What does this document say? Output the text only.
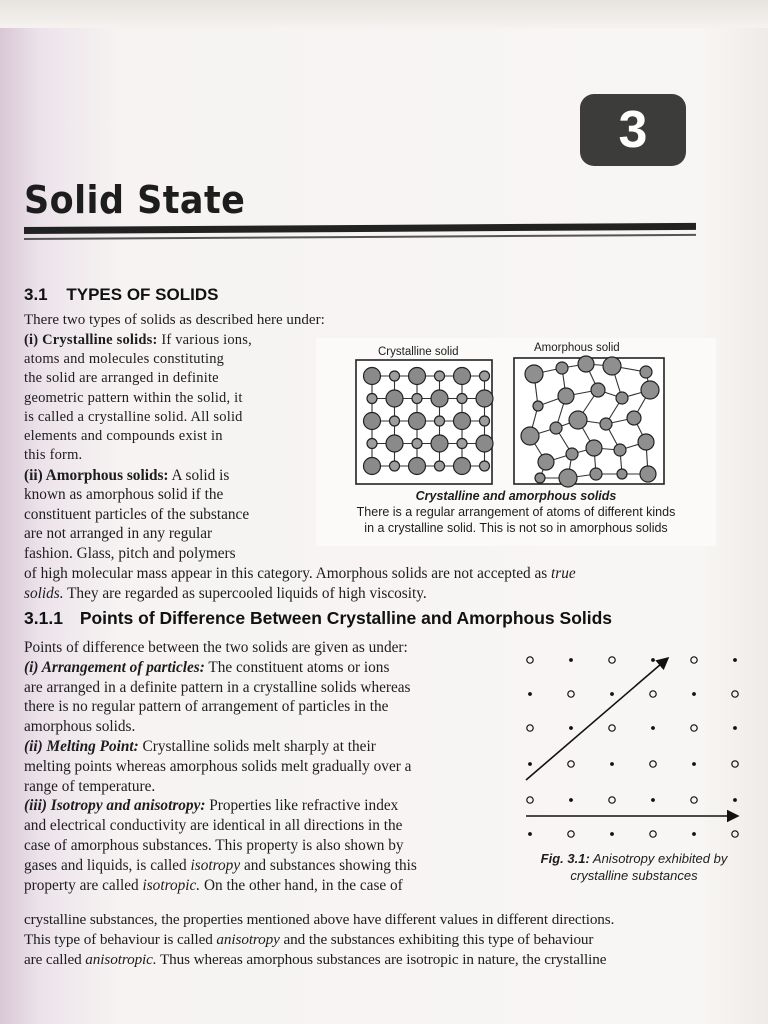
3
Solid State
3.1 TYPES OF SOLIDS
There two types of solids as described here under:
(i) Crystalline solids: If various ions,
atoms and molecules constituting
the solid are arranged in definite
geometric pattern within the solid, it
is called a crystalline solid. All solid
elements and compounds exist in
this form.
(ii) Amorphous solids: A solid is
known as amorphous solid if the
constituent particles of the substance
are not arranged in any regular
fashion. Glass, pitch and polymers
of high molecular mass appear in this category. Amorphous solids are not accepted as true
solids. They are regarded as supercooled liquids of high viscosity.
Crystalline solid	Amorphous solid
Crystalline and amorphous solids
There is a regular arrangement of atoms of different kinds
in a crystalline solid. This is not so in amorphous solids
3.1.1 Points of Difference Between Crystalline and Amorphous Solids
Points of difference between the two solids are given as under:
(i) Arrangement of particles: The constituent atoms or ions
are arranged in a definite pattern in a crystalline solids whereas
there is no regular pattern of arrangement of particles in the
amorphous solids.
(ii) Melting Point: Crystalline solids melt sharply at their
melting points whereas amorphous solids melt gradually over a
range of temperature.
(iii) Isotropy and anisotropy: Properties like refractive index
and electrical conductivity are identical in all directions in the
case of amorphous substances. This property is also shown by
gases and liquids, is called isotropy and substances showing this
property are called isotropic. On the other hand, in the case of
crystalline substances, the properties mentioned above have different values in different directions.
This type of behaviour is called anisotropy and the substances exhibiting this type of behaviour
are called anisotropic. Thus whereas amorphous substances are isotropic in nature, the crystalline
Fig. 3.1: Anisotropy exhibited by
crystalline substances
